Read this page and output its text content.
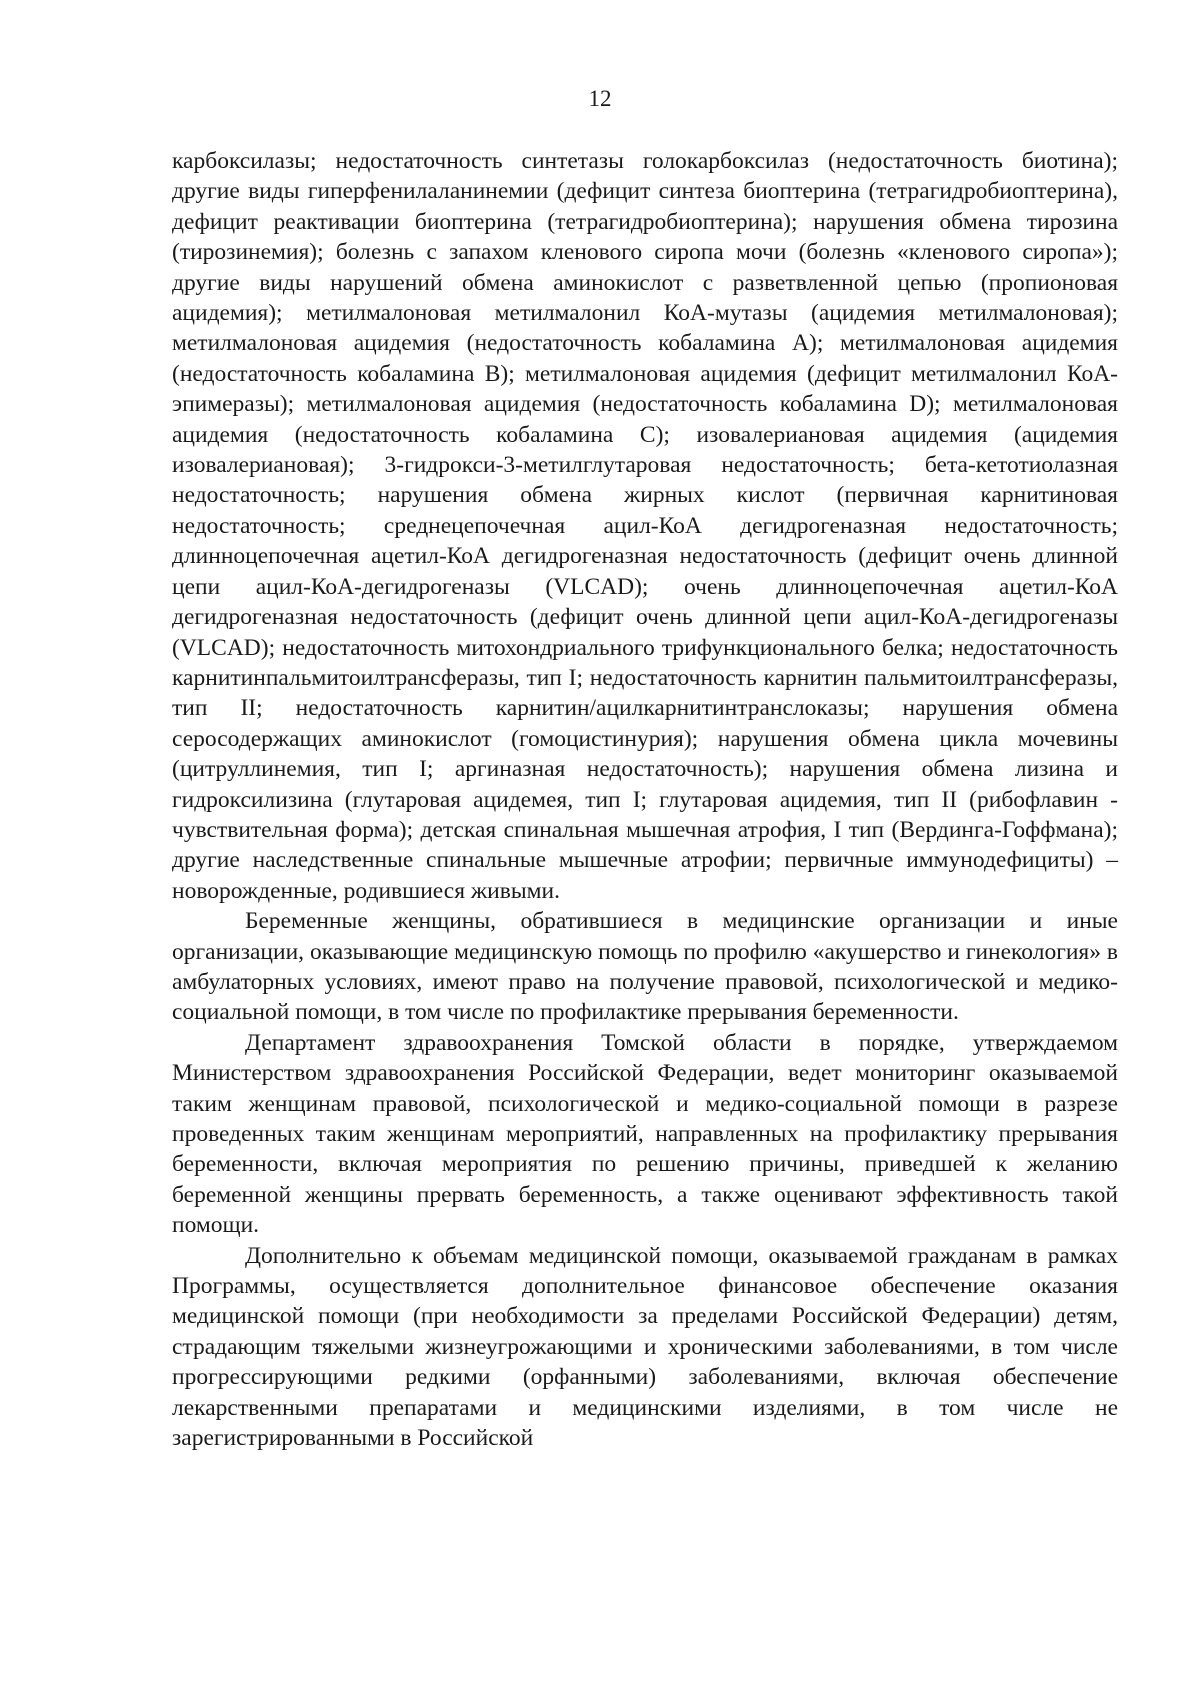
12

карбоксилазы; недостаточность синтетазы голокарбоксилаз (недостаточность биотина); другие виды гиперфенилаланинемии (дефицит синтеза биоптерина (тетрагидробиоптерина), дефицит реактивации биоптерина (тетрагидробиоптерина); нарушения обмена тирозина (тирозинемия); болезнь с запахом кленового сиропа мочи (болезнь «кленового сиропа»); другие виды нарушений обмена аминокислот с разветвленной цепью (пропионовая ацидемия); метилмалоновая метилмалонил КоА-мутазы (ацидемия метилмалоновая); метилмалоновая ацидемия (недостаточность кобаламина А); метилмалоновая ацидемия (недостаточность кобаламина В); метилмалоновая ацидемия (дефицит метилмалонил КоА-эпимеразы); метилмалоновая ацидемия (недостаточность кобаламина D); метилмалоновая ацидемия (недостаточность кобаламина С); изовалериановая ацидемия (ацидемия изовалериановая); 3-гидрокси-3-метилглутаровая недостаточность; бета-кетотиолазная недостаточность; нарушения обмена жирных кислот (первичная карнитиновая недостаточность; среднецепочечная ацил-КоА дегидрогеназная недостаточность; длинноцепочечная ацетил-КоА дегидрогеназная недостаточность (дефицит очень длинной цепи ацил-КоА-дегидрогеназы (VLCAD); очень длинноцепочечная ацетил-КоА дегидрогеназная недостаточность (дефицит очень длинной цепи ацил-КоА-дегидрогеназы (VLCAD); недостаточность митохондриального трифункционального белка; недостаточность карнитинпальмитоилтрансферазы, тип I; недостаточность карнитин пальмитоилтрансферазы, тип II; недостаточность карнитин/ацилкарнитинтранслоказы; нарушения обмена серосодержащих аминокислот (гомоцистинурия); нарушения обмена цикла мочевины (цитруллинемия, тип I; аргиназная недостаточность); нарушения обмена лизина и гидроксилизина (глутаровая ацидемея, тип I; глутаровая ацидемия, тип II (рибофлавин - чувствительная форма); детская спинальная мышечная атрофия, I тип (Вердинга-Гоффмана); другие наследственные спинальные мышечные атрофии; первичные иммунодефициты) – новорожденные, родившиеся живыми.

Беременные женщины, обратившиеся в медицинские организации и иные организации, оказывающие медицинскую помощь по профилю «акушерство и гинекология» в амбулаторных условиях, имеют право на получение правовой, психологической и медико-социальной помощи, в том числе по профилактике прерывания беременности.

Департамент здравоохранения Томской области в порядке, утверждаемом Министерством здравоохранения Российской Федерации, ведет мониторинг оказываемой таким женщинам правовой, психологической и медико-социальной помощи в разрезе проведенных таким женщинам мероприятий, направленных на профилактику прерывания беременности, включая мероприятия по решению причины, приведшей к желанию беременной женщины прервать беременность, а также оценивают эффективность такой помощи.

Дополнительно к объемам медицинской помощи, оказываемой гражданам в рамках Программы, осуществляется дополнительное финансовое обеспечение оказания медицинской помощи (при необходимости за пределами Российской Федерации) детям, страдающим тяжелыми жизнеугрожающими и хроническими заболеваниями, в том числе прогрессирующими редкими (орфанными) заболеваниями, включая обеспечение лекарственными препаратами и медицинскими изделиями, в том числе не зарегистрированными в Российской
